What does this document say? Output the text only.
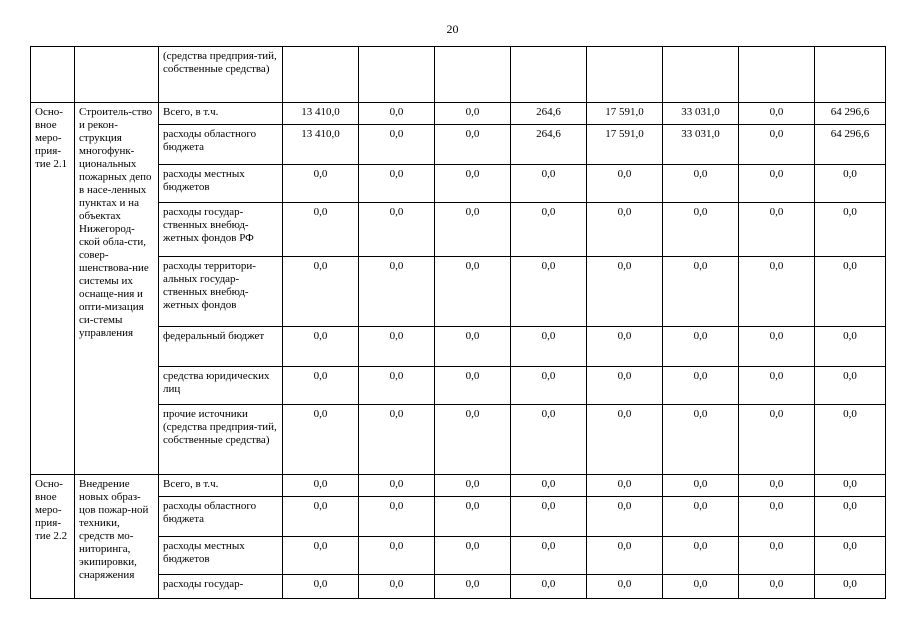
20
		(средства предприя-тий, собственные средства)								
Осно-вное меро-прия-тие 2.1	Строитель-ство и рекон-струкция многофунк-циональных пожарных депо в насе-ленных пунктах и на объектах Нижегород-ской обла-сти, совер-шенствова-ние системы их оснаще-ния и опти-мизация си-стемы управления	Всего, в т.ч.	13 410,0	0,0	0,0	264,6	17 591,0	33 031,0	0,0	64 296,6
		расходы областного бюджета	13 410,0	0,0	0,0	264,6	17 591,0	33 031,0	0,0	64 296,6
		расходы местных бюджетов	0,0	0,0	0,0	0,0	0,0	0,0	0,0	0,0
		расходы государ-ственных внебюд-жетных фондов РФ	0,0	0,0	0,0	0,0	0,0	0,0	0,0	0,0
		расходы территори-альных государ-ственных внебюд-жетных фондов	0,0	0,0	0,0	0,0	0,0	0,0	0,0	0,0
		федеральный бюджет	0,0	0,0	0,0	0,0	0,0	0,0	0,0	0,0
		средства юридических лиц	0,0	0,0	0,0	0,0	0,0	0,0	0,0	0,0
		прочие источники (средства предприя-тий, собственные средства)	0,0	0,0	0,0	0,0	0,0	0,0	0,0	0,0
Осно-вное меро-прия-тие 2.2	Внедрение новых образ-цов пожар-ной техники, средств мо-ниторинга, экипировки, снаряжения	Всего, в т.ч.	0,0	0,0	0,0	0,0	0,0	0,0	0,0	0,0
		расходы областного бюджета	0,0	0,0	0,0	0,0	0,0	0,0	0,0	0,0
		расходы местных бюджетов	0,0	0,0	0,0	0,0	0,0	0,0	0,0	0,0
		расходы государ-	0,0	0,0	0,0	0,0	0,0	0,0	0,0	0,0
